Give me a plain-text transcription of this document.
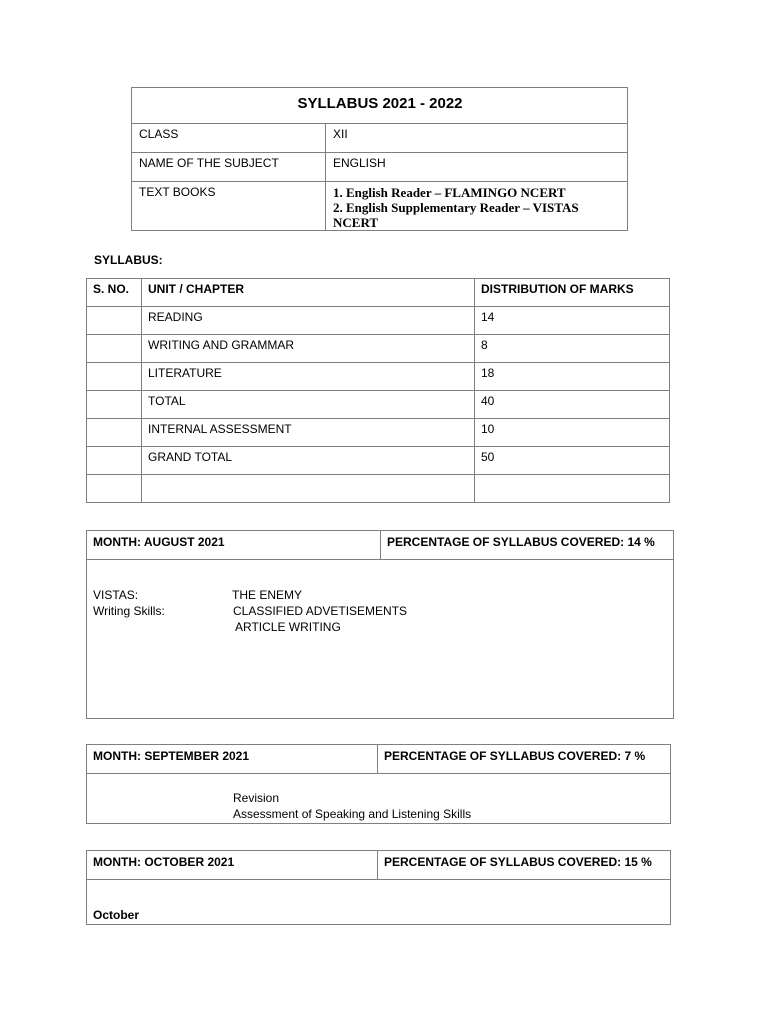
SYLLABUS 2021 - 2022	
CLASS	XII
NAME OF THE SUBJECT	ENGLISH
TEXT BOOKS	1. English Reader – FLAMINGO NCERT
2. English Supplementary Reader – VISTAS
NCERT
SYLLABUS:
S. NO.	UNIT / CHAPTER	DISTRIBUTION OF MARKS
	READING	14
	WRITING AND GRAMMAR	8
	LITERATURE	18
	TOTAL	40
	INTERNAL ASSESSMENT	10
	GRAND TOTAL	50

MONTH: AUGUST 2021	PERCENTAGE OF SYLLABUS COVERED: 14 %
VISTAS:	THE ENEMY
Writing Skills:	CLASSIFIED ADVETISEMENTS
ARTICLE WRITING
MONTH: SEPTEMBER 2021	PERCENTAGE OF SYLLABUS COVERED: 7 %
Revision
Assessment of Speaking and Listening Skills
MONTH: OCTOBER 2021	PERCENTAGE OF SYLLABUS COVERED: 15 %
October
